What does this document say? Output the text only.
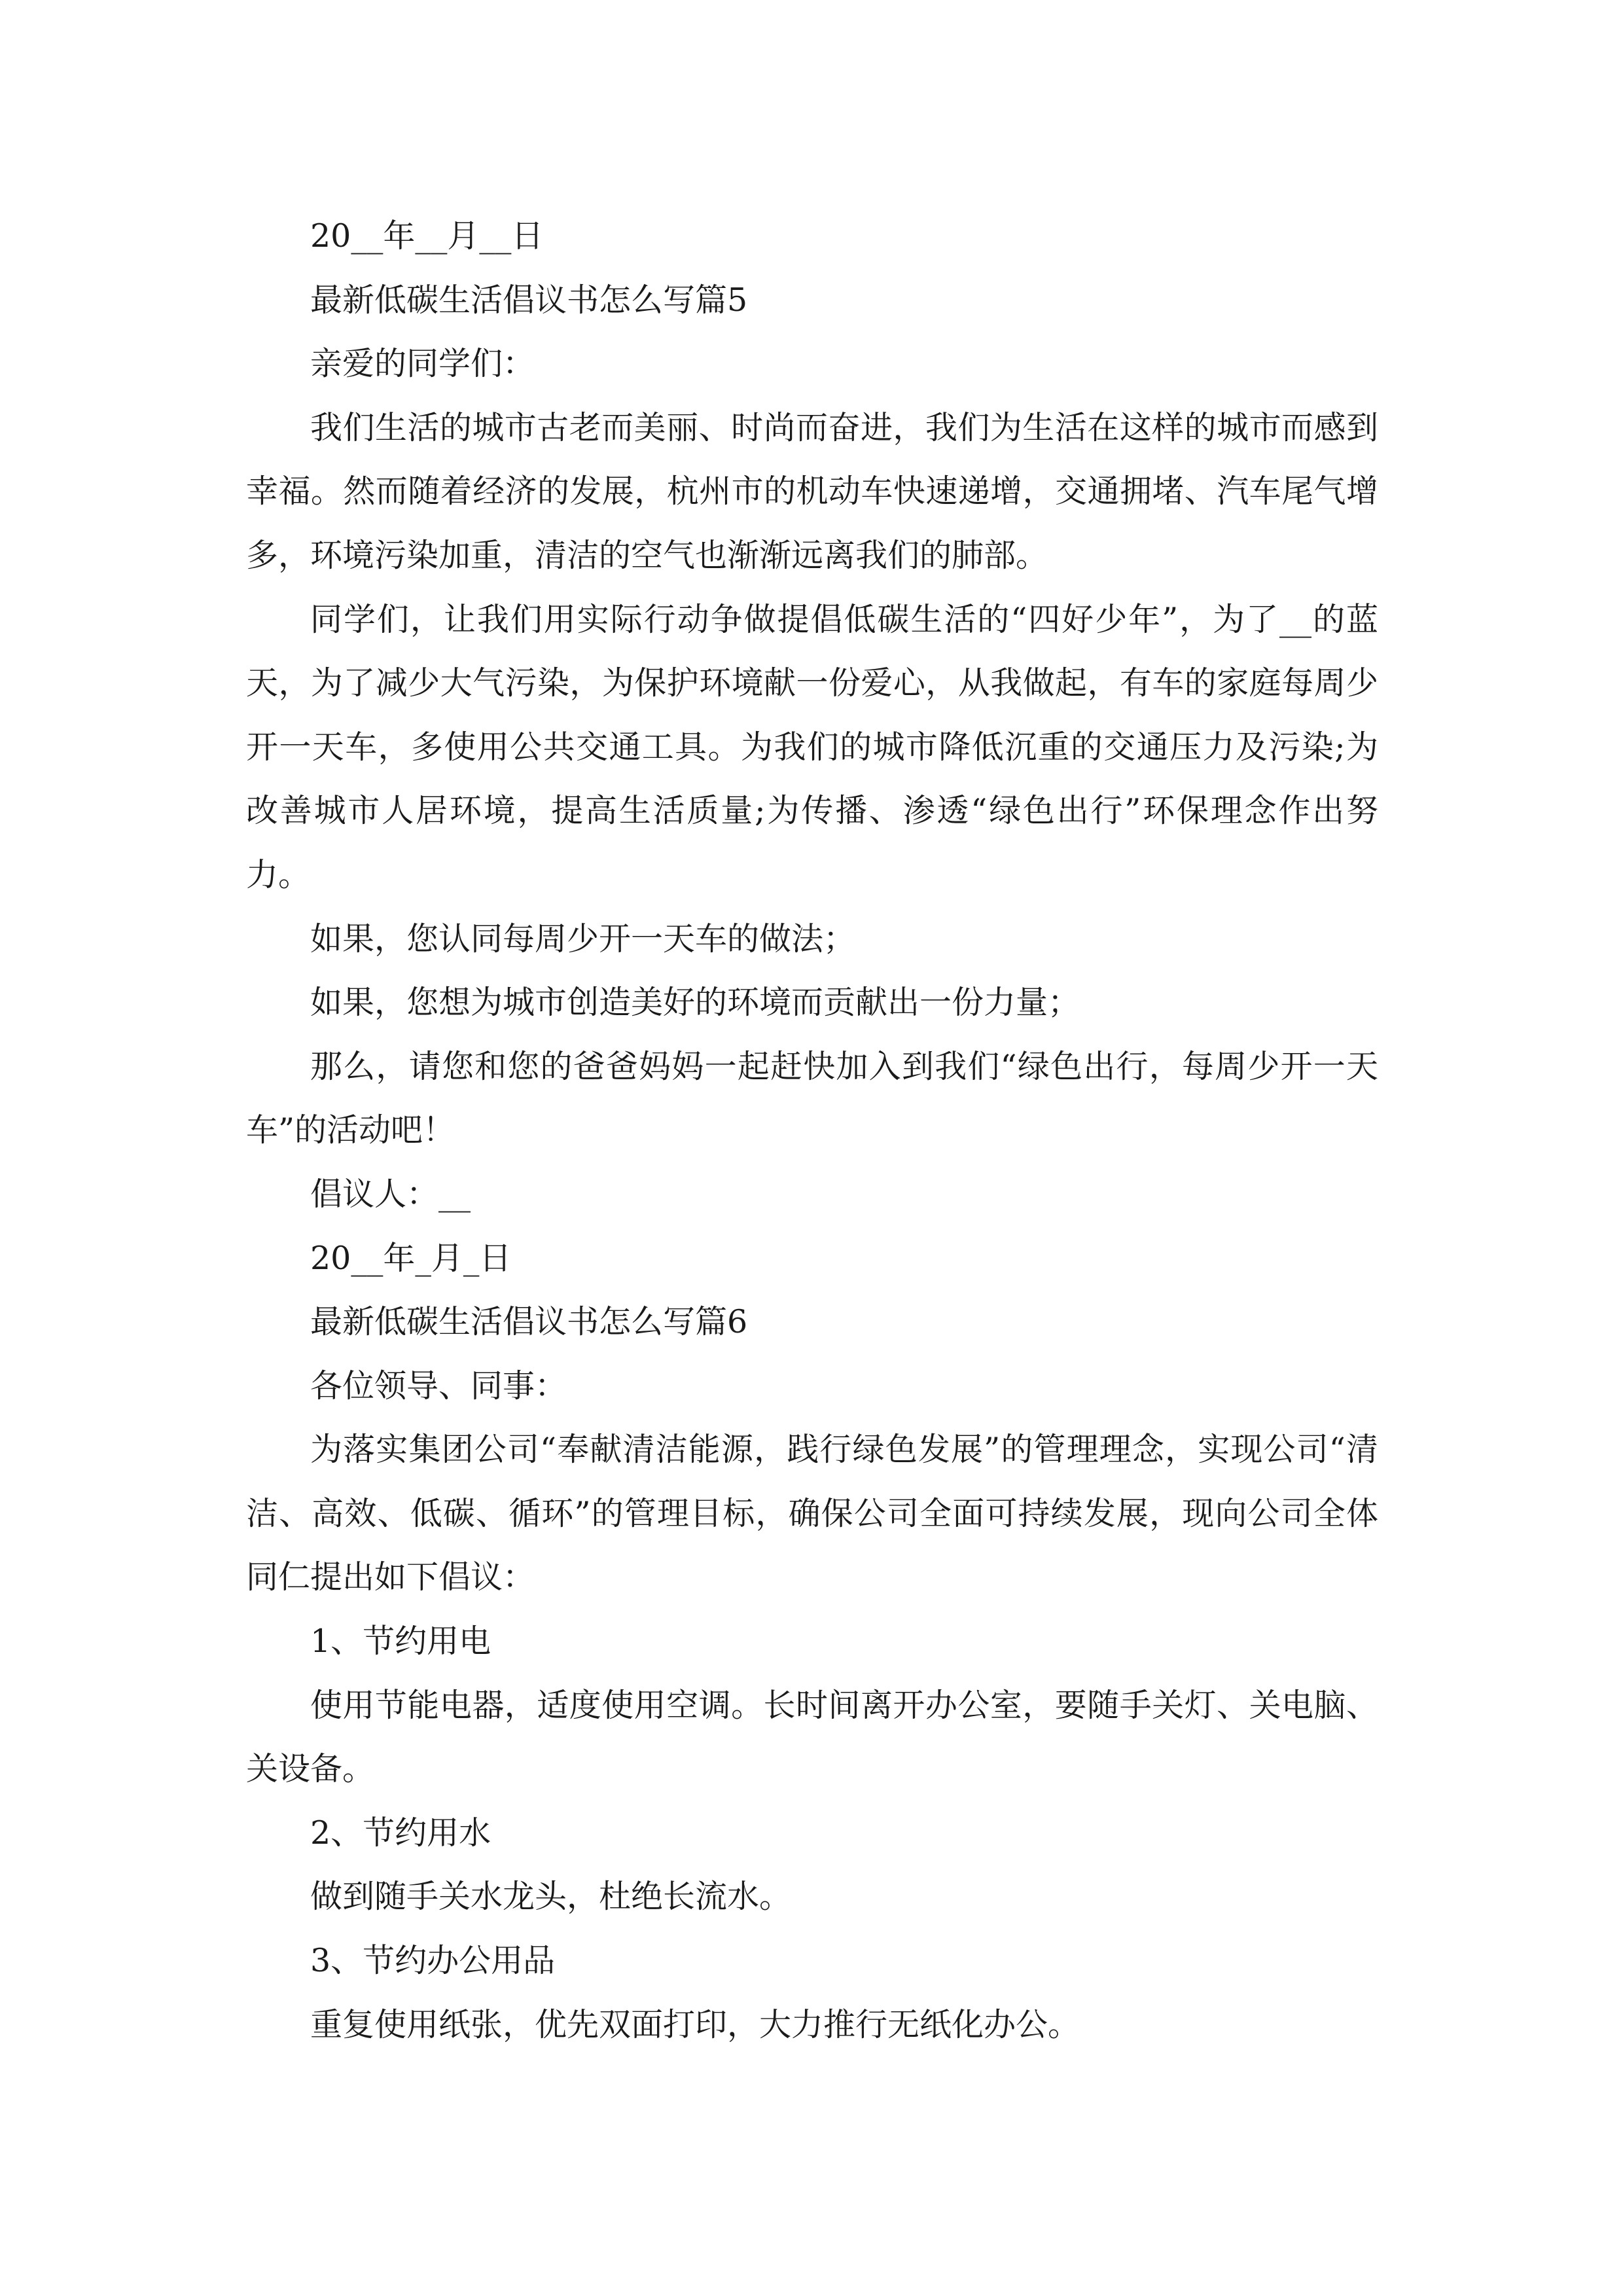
20__年__月__日

最新低碳生活倡议书怎么写篇5

亲爱的同学们：

我们生活的城市古老而美丽、时尚而奋进，我们为生活在这样的城市而感到幸福。然而随着经济的发展，杭州市的机动车快速递增，交通拥堵、汽车尾气增多，环境污染加重，清洁的空气也渐渐远离我们的肺部。

同学们，让我们用实际行动争做提倡低碳生活的“四好少年”，为了__的蓝天，为了减少大气污染，为保护环境献一份爱心，从我做起，有车的家庭每周少开一天车，多使用公共交通工具。为我们的城市降低沉重的交通压力及污染;为改善城市人居环境，提高生活质量;为传播、渗透“绿色出行”环保理念作出努力。

如果，您认同每周少开一天车的做法；

如果，您想为城市创造美好的环境而贡献出一份力量；

那么，请您和您的爸爸妈妈一起赶快加入到我们“绿色出行，每周少开一天车”的活动吧！

倡议人：__

20__年_月_日

最新低碳生活倡议书怎么写篇6

各位领导、同事：

为落实集团公司“奉献清洁能源，践行绿色发展”的管理理念，实现公司“清洁、高效、低碳、循环”的管理目标，确保公司全面可持续发展，现向公司全体同仁提出如下倡议：

1、节约用电

使用节能电器，适度使用空调。长时间离开办公室，要随手关灯、关电脑、关设备。

2、节约用水

做到随手关水龙头，杜绝长流水。

3、节约办公用品

重复使用纸张，优先双面打印，大力推行无纸化办公。
